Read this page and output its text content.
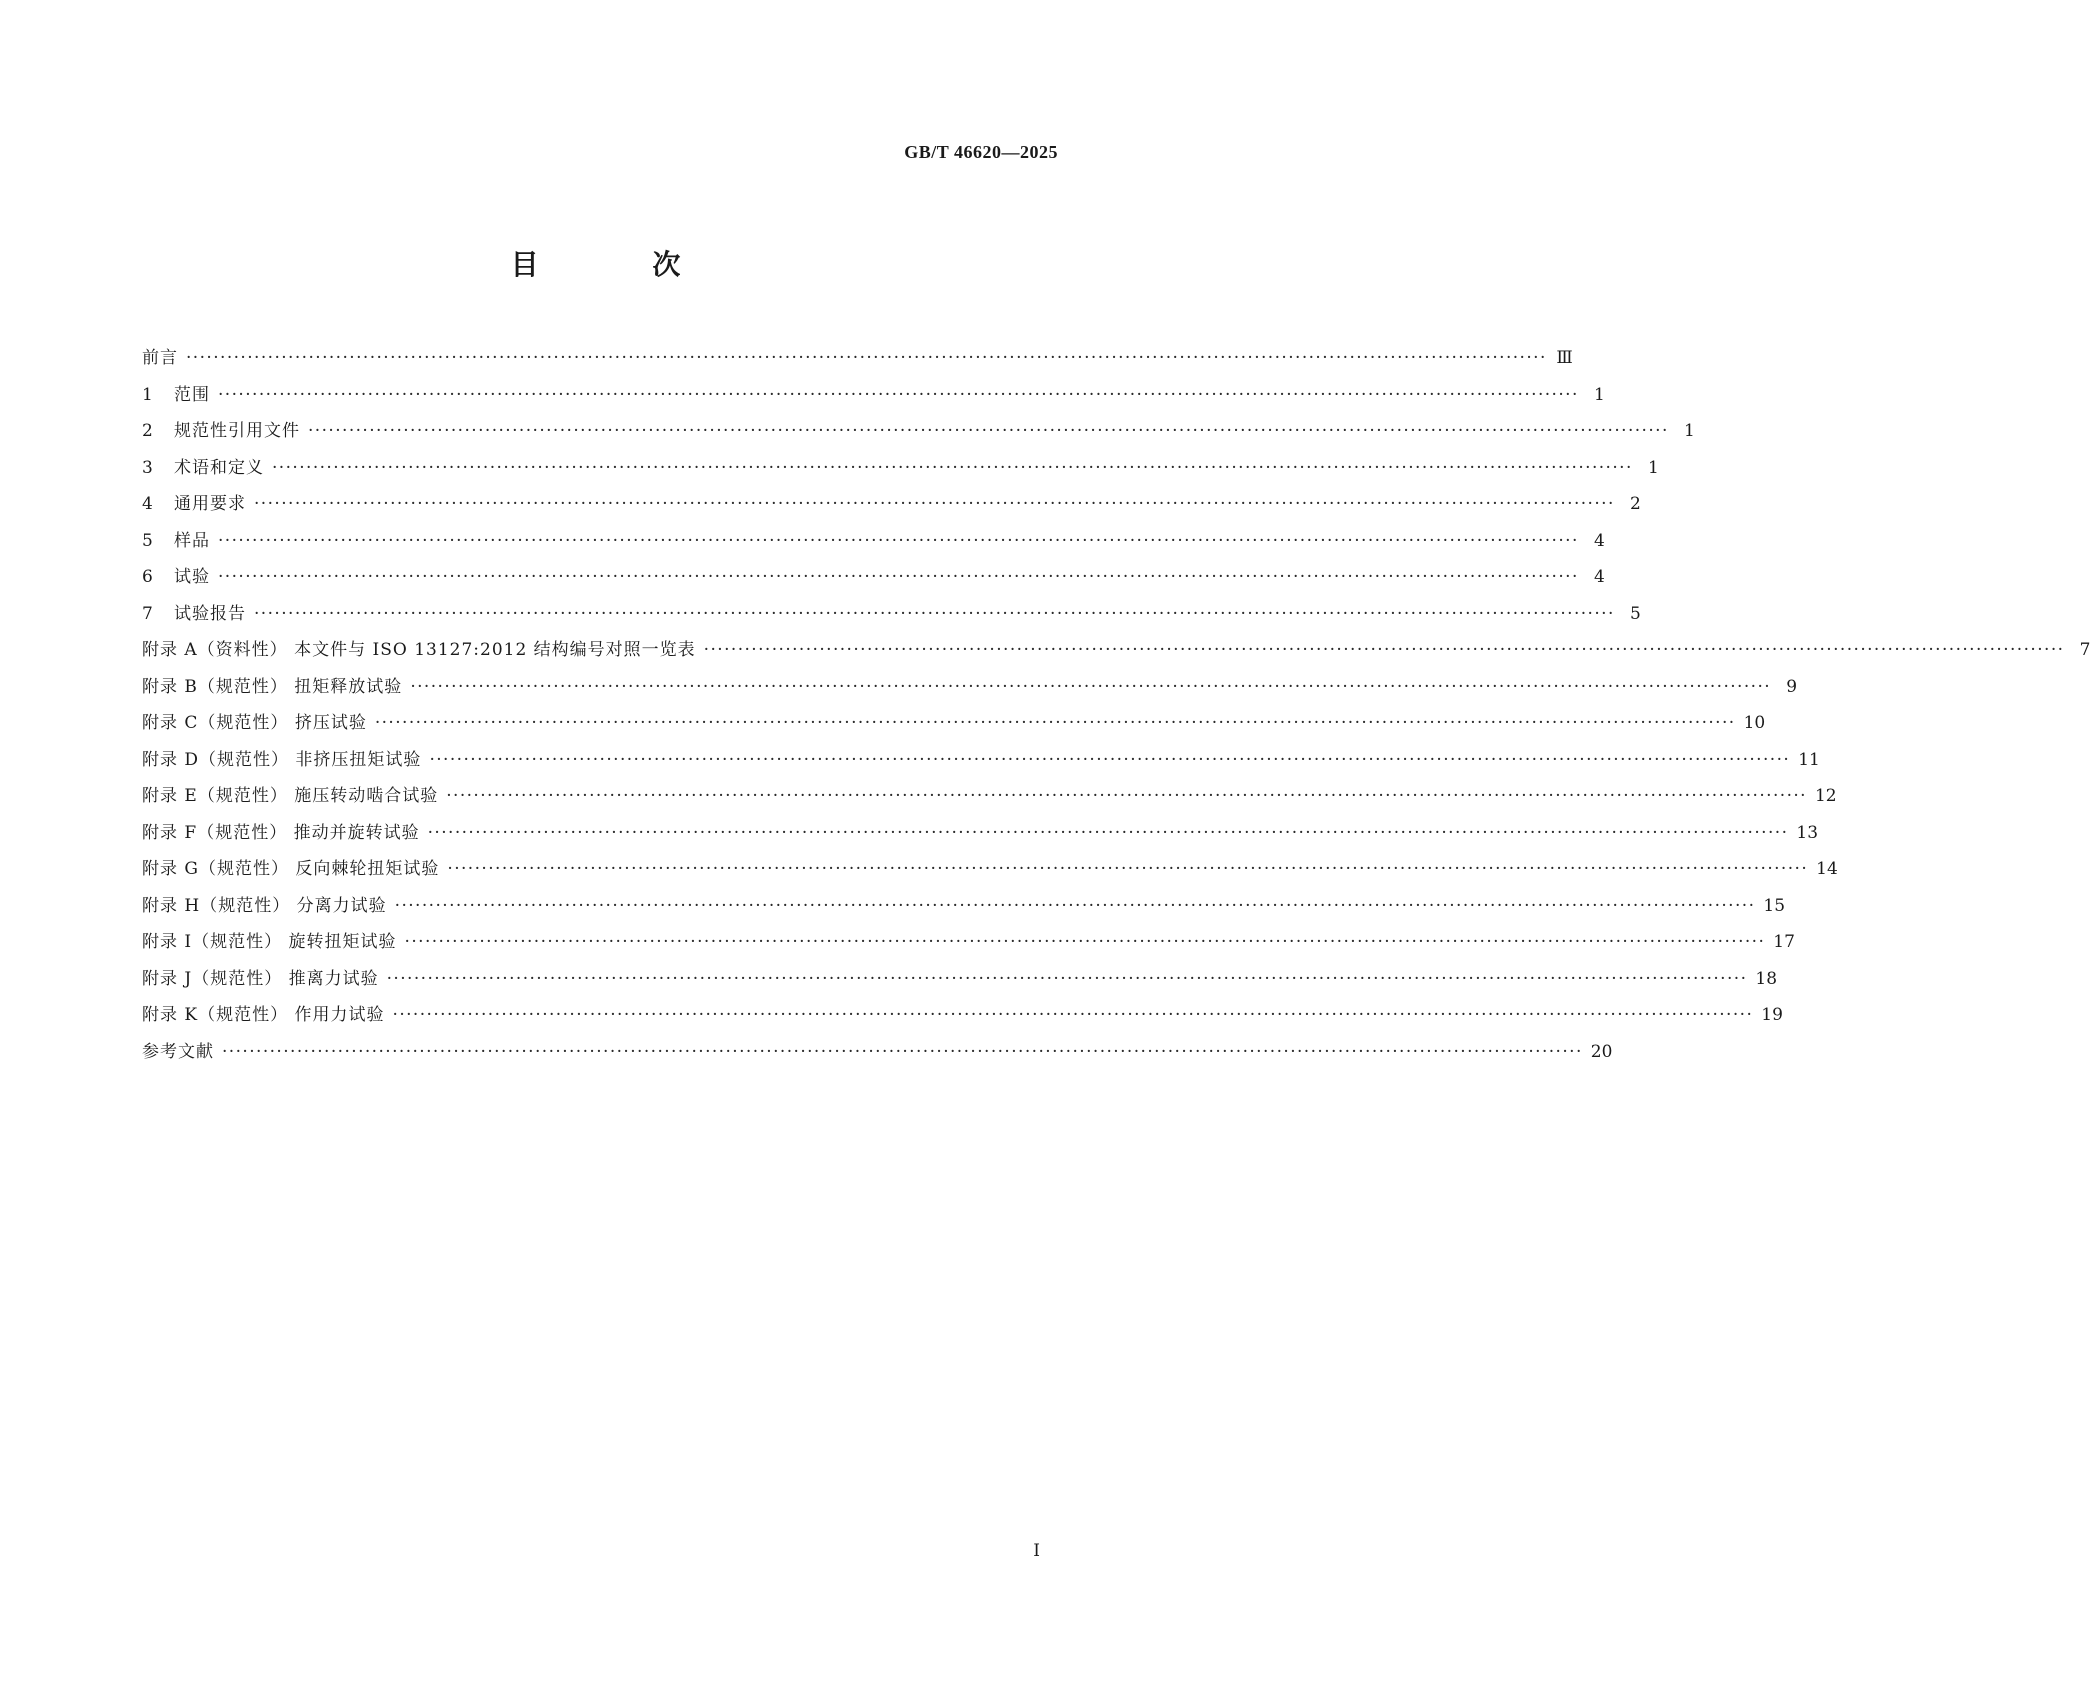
GB/T 46620—2025
目 次
前言 ········································································································································································································ Ⅲ
1 范围 ········································································································································································································ 1
2 规范性引用文件 ········································································································································································································ 1
3 术语和定义 ········································································································································································································ 1
4 通用要求 ········································································································································································································ 2
5 样品 ········································································································································································································ 4
6 试验 ········································································································································································································ 4
7 试验报告 ········································································································································································································ 5
附录 A（资料性） 本文件与 ISO 13127:2012 结构编号对照一览表 ········································································································································································································ 7
附录 B（规范性） 扭矩释放试验 ········································································································································································································ 9
附录 C（规范性） 挤压试验 ········································································································································································································ 10
附录 D（规范性） 非挤压扭矩试验 ········································································································································································································ 11
附录 E（规范性） 施压转动啮合试验 ········································································································································································································ 12
附录 F（规范性） 推动并旋转试验 ········································································································································································································ 13
附录 G（规范性） 反向棘轮扭矩试验 ········································································································································································································ 14
附录 H（规范性） 分离力试验 ········································································································································································································ 15
附录 I（规范性） 旋转扭矩试验 ········································································································································································································ 17
附录 J（规范性） 推离力试验 ········································································································································································································ 18
附录 K（规范性） 作用力试验 ········································································································································································································ 19
参考文献 ········································································································································································································ 20
I
